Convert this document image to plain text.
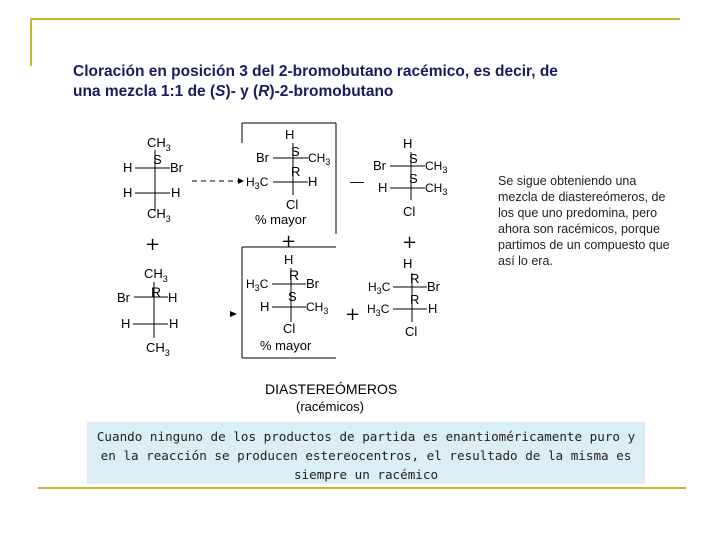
Cloración en posición 3 del 2-bromobutano racémico, es decir, de
una mezcla 1:1 de (S)- y (R)-2-bromobutano
$CH_3$
S
H	Br
H	H
$CH_3$
+
$CH_3$
R
Br	H
H	H
$CH_3$
H
S
Br	$CH_3$
R
$H_3C$	H
Cl
% mayor
—
H
S
Br	$CH_3$
S
H	$CH_3$
Cl
+	+
H
R
$H_3C$	Br
S
H	$CH_3$
Cl
% mayor
+
H
R
$H_3C$	Br
R
$H_3C$	H
Cl
DIASTEREÓMEROS
(racémicos)
Se sigue obteniendo una mezcla de diastereómeros, de los que uno predomina, pero ahora son racémicos, porque partimos de un compuesto que así lo era.
Cuando ninguno de los productos de partida es enantioméricamente puro y en la reacción se producen estereocentros, el resultado de la misma es siempre un racémico
